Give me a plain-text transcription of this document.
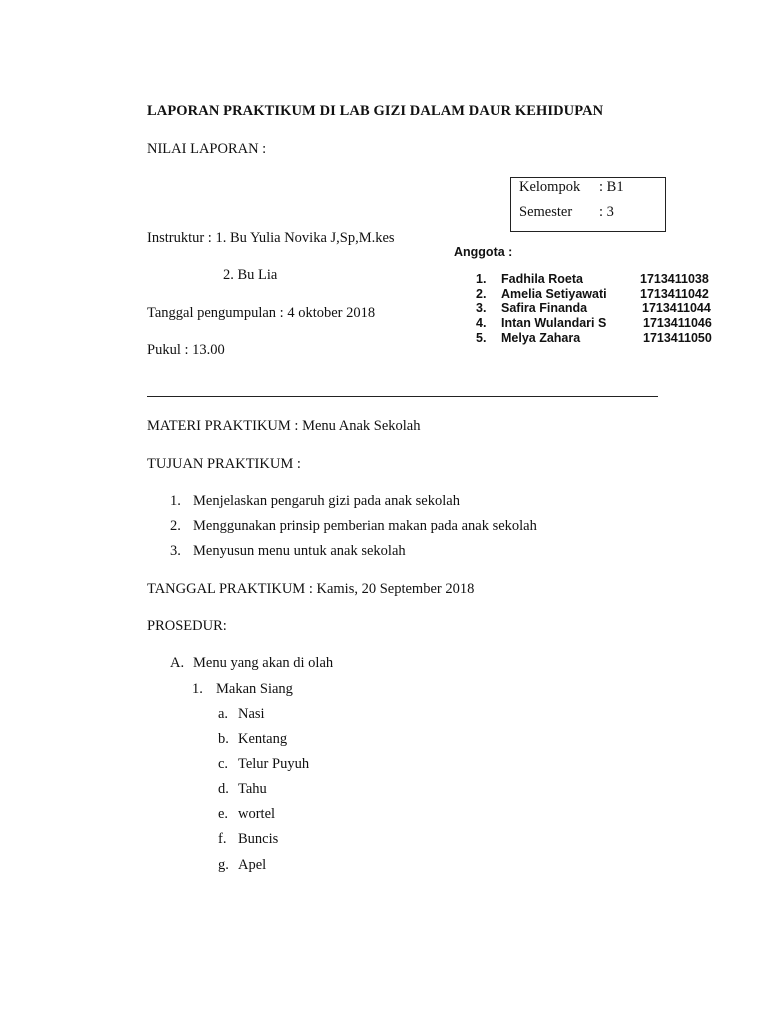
LAPORAN PRAKTIKUM DI LAB GIZI DALAM DAUR KEHIDUPAN
NILAI LAPORAN :
Kelompok : B1
Semester : 3
Instruktur : 1. Bu Yulia Novika J,Sp,M.kes
2. Bu Lia
Anggota :
1. Fadhila Roeta	1713411038
2. Amelia Setiyawati	1713411042
3. Safira Finanda	1713411044
4. Intan Wulandari S	1713411046
5. Melya Zahara	1713411050
Tanggal pengumpulan : 4 oktober 2018
Pukul : 13.00
MATERI PRAKTIKUM : Menu Anak Sekolah
TUJUAN PRAKTIKUM :
1. Menjelaskan pengaruh gizi pada anak sekolah
2. Menggunakan prinsip pemberian makan pada anak sekolah
3. Menyusun menu untuk anak sekolah
TANGGAL PRAKTIKUM : Kamis, 20 September 2018
PROSEDUR:
A. Menu yang akan di olah
1. Makan Siang
a. Nasi
b. Kentang
c. Telur Puyuh
d. Tahu
e. wortel
f. Buncis
g. Apel
